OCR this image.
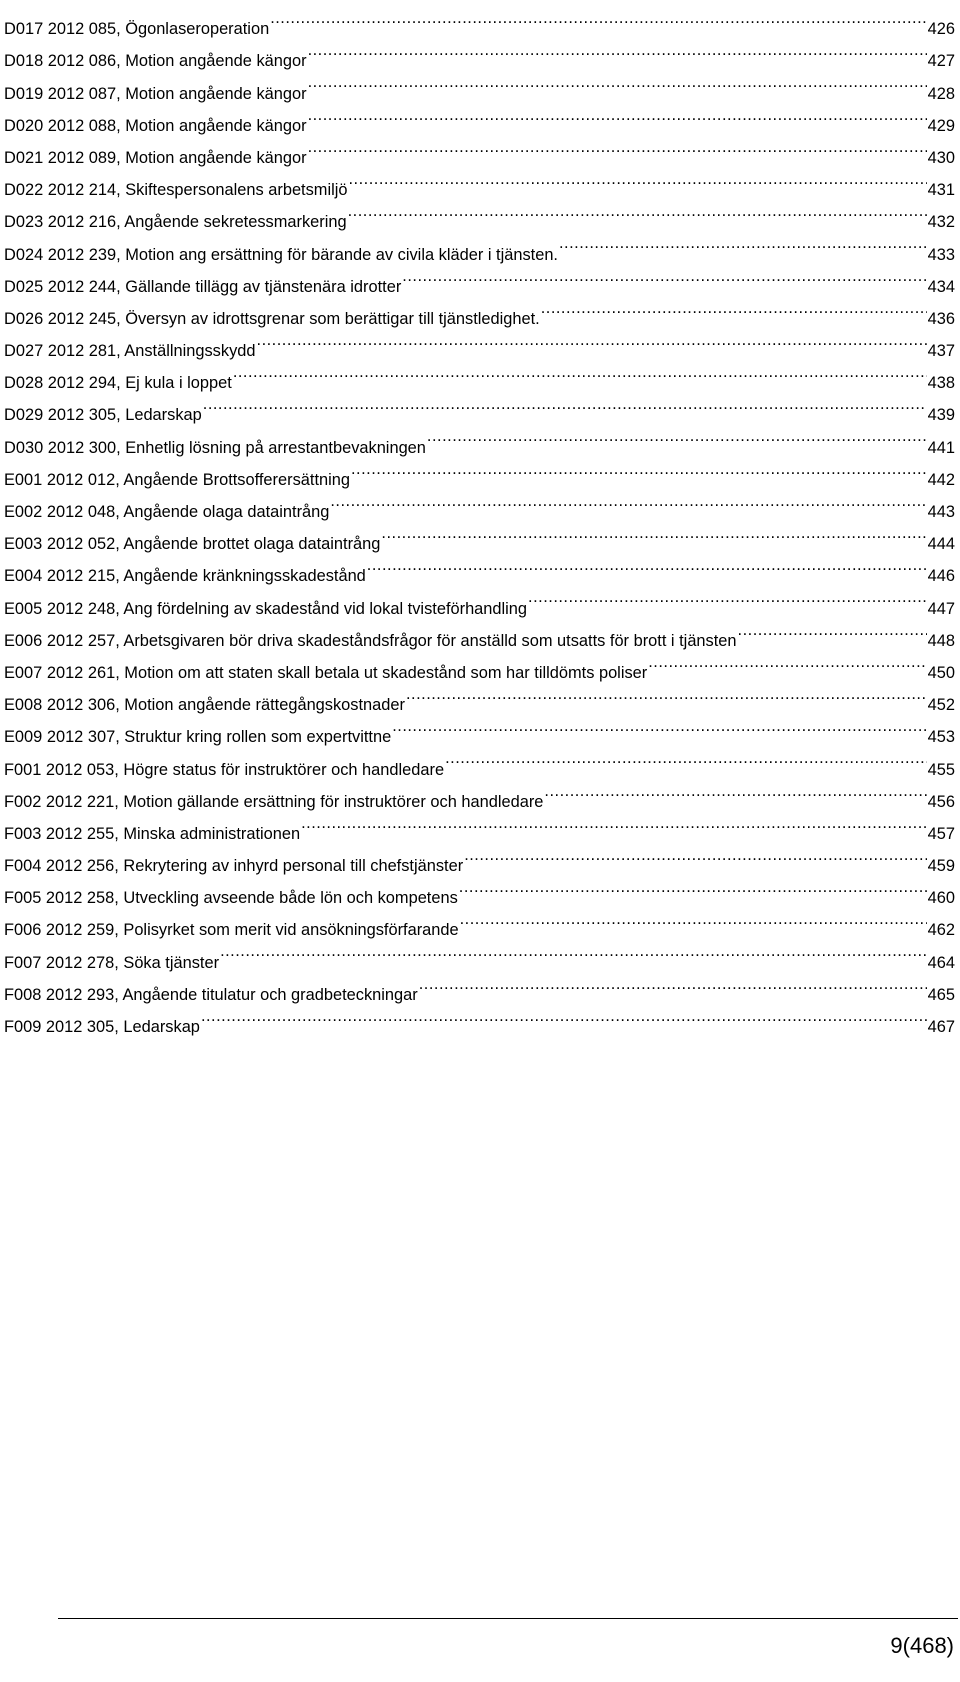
D017 2012 085, Ögonlaseroperation .....	426
D018 2012 086, Motion angående kängor .....	427
D019 2012 087, Motion angående kängor .....	428
D020 2012 088, Motion angående kängor .....	429
D021 2012 089, Motion angående kängor .....	430
D022 2012 214, Skiftespersonalens arbetsmiljö .....	431
D023 2012 216, Angående sekretessmarkering .....	432
D024 2012 239, Motion ang ersättning för bärande av civila kläder i tjänsten. .....	433
D025 2012 244, Gällande tillägg av tjänstenära idrotter .....	434
D026 2012 245, Översyn av idrottsgrenar som berättigar till tjänstledighet. .....	436
D027 2012 281, Anställningsskydd .....	437
D028 2012 294, Ej kula i loppet .....	438
D029 2012 305, Ledarskap .....	439
D030 2012 300, Enhetlig lösning på arrestantbevakningen .....	441
E001 2012 012, Angående Brottsofferersättning .....	442
E002 2012 048, Angående olaga dataintrång .....	443
E003 2012 052, Angående brottet olaga dataintrång .....	444
E004 2012 215, Angående kränkningsskadestånd .....	446
E005 2012 248, Ang fördelning av skadestånd vid lokal tvisteförhandling .....	447
E006 2012 257, Arbetsgivaren bör driva skadeståndsfrågor för anställd som utsatts för brott i tjänsten .....	448
E007 2012 261, Motion om att staten skall betala ut skadestånd som har tilldömts poliser .....	450
E008 2012 306, Motion angående rättegångskostnader .....	452
E009 2012 307, Struktur kring rollen som expertvittne .....	453
F001 2012 053, Högre status för instruktörer och handledare .....	455
F002 2012 221, Motion gällande ersättning för instruktörer och handledare .....	456
F003 2012 255, Minska administrationen .....	457
F004 2012 256, Rekrytering av inhyrd personal till chefstjänster .....	459
F005 2012 258, Utveckling avseende både lön och kompetens .....	460
F006 2012 259, Polisyrket som merit vid ansökningsförfarande .....	462
F007 2012 278, Söka tjänster .....	464
F008 2012 293, Angående titulatur och gradbeteckningar .....	465
F009 2012 305, Ledarskap .....	467
9(468)
